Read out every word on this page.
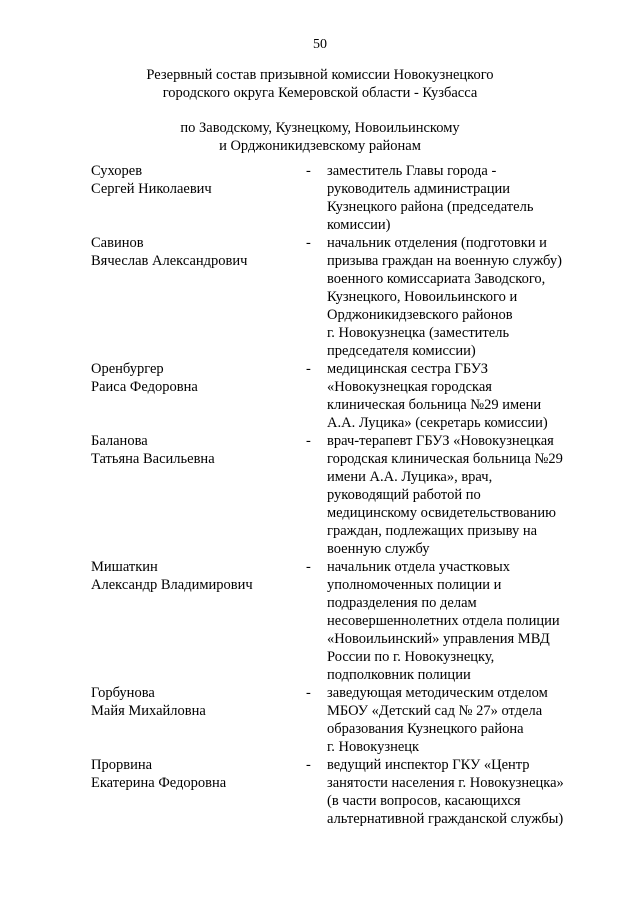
50
Резервный состав призывной комиссии Новокузнецкого
городского округа Кемеровской области - Кузбасса
по Заводскому, Кузнецкому, Новоильинскому
и Орджоникидзевскому районам
Сухорев
Сергей Николаевич
-	заместитель Главы города -
руководитель администрации
Кузнецкого района (председатель
комиссии)
Савинов
Вячеслав Александрович
-	начальник отделения (подготовки и
призыва граждан на военную службу)
военного комиссариата Заводского,
Кузнецкого, Новоильинского и
Орджоникидзевского районов
г. Новокузнецка (заместитель
председателя комиссии)
Оренбургер
Раиса Федоровна
-	медицинская сестра ГБУЗ
«Новокузнецкая городская
клиническая больница №29 имени
А.А. Луцика» (секретарь комиссии)
Баланова
Татьяна Васильевна
-	врач-терапевт ГБУЗ «Новокузнецкая
городская клиническая больница №29
имени А.А. Луцика», врач,
руководящий работой по
медицинскому освидетельствованию
граждан, подлежащих призыву на
военную службу
Мишаткин
Александр Владимирович
-	начальник отдела участковых
уполномоченных полиции и
подразделения по делам
несовершеннолетних отдела полиции
«Новоильинский» управления МВД
России по г. Новокузнецку,
подполковник полиции
Горбунова
Майя Михайловна
-	заведующая методическим отделом
МБОУ «Детский сад № 27» отдела
образования Кузнецкого района
г. Новокузнецк
Прорвина
Екатерина Федоровна
-	ведущий инспектор ГКУ «Центр
занятости населения г. Новокузнецка»
(в части вопросов, касающихся
альтернативной гражданской службы)
